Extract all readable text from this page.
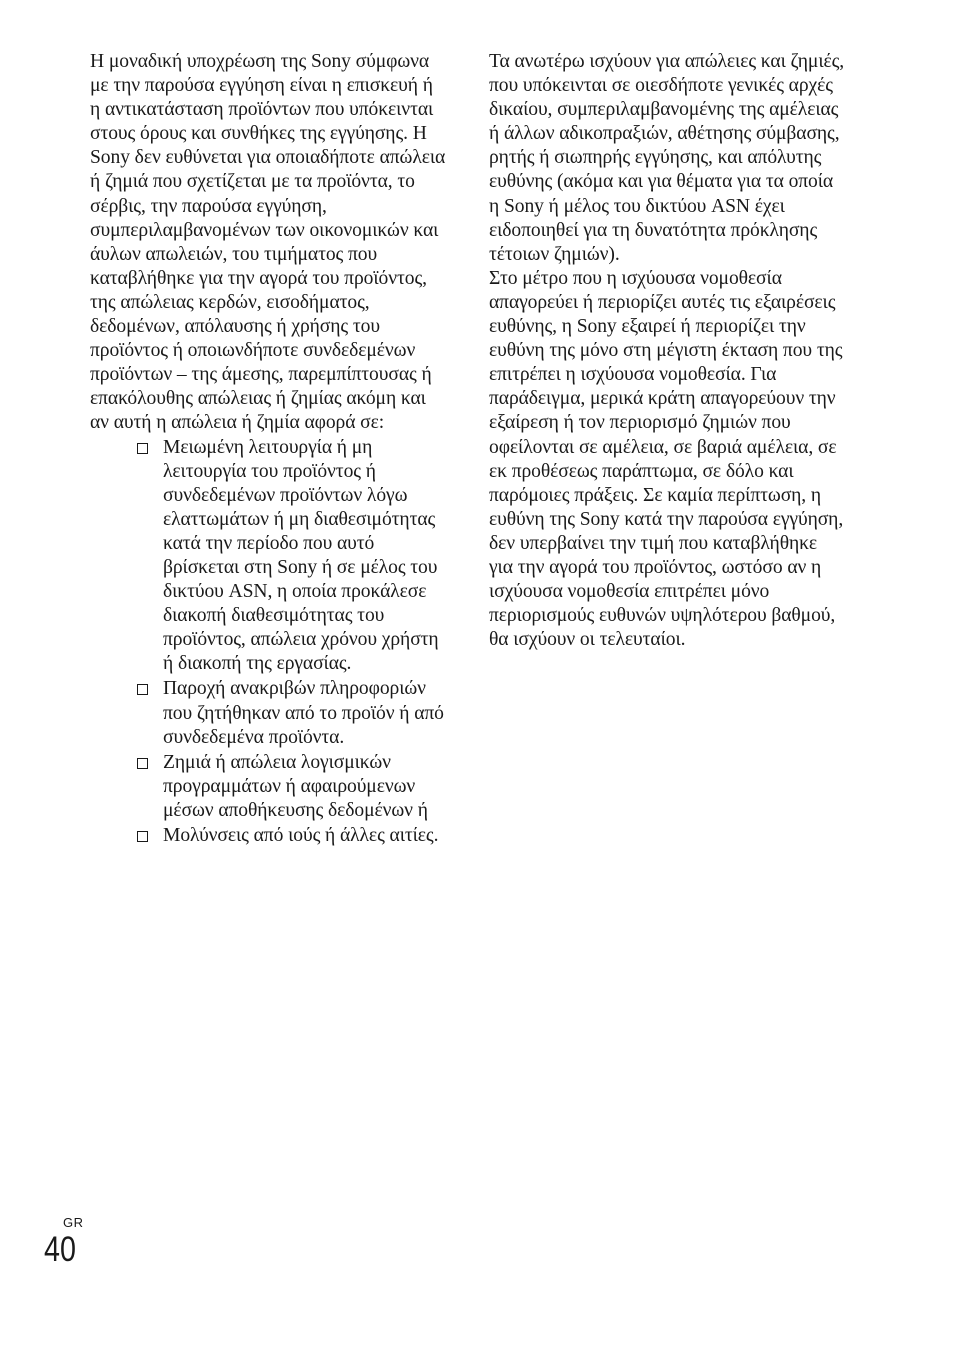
Η μοναδική υποχρέωση της Sony σύμφωνα με την παρούσα εγγύηση είναι η επισκευή ή η αντικατάσταση προϊόντων που υπόκεινται στους όρους και συνθήκες της εγγύησης. Η Sony δεν ευθύνεται για οποιαδήποτε απώλεια ή ζημιά που σχετίζεται με τα προϊόντα, το σέρβις, την παρούσα εγγύηση, συμπεριλαμβανομένων των οικονομικών και άυλων απωλειών, του τιμήματος που καταβλήθηκε για την αγορά του προϊόντος, της απώλειας κερδών, εισοδήματος, δεδομένων, απόλαυσης ή χρήσης του προϊόντος ή οποιωνδήποτε συνδεδεμένων προϊόντων – της άμεσης, παρεμπίπτουσας ή επακόλουθης απώλειας ή ζημίας ακόμη και αν αυτή η απώλεια ή ζημία αφορά σε:

Μειωμένη λειτουργία ή μη λειτουργία του προϊόντος ή συνδεδεμένων προϊόντων λόγω ελαττωμάτων ή μη διαθεσιμότητας κατά την περίοδο που αυτό βρίσκεται στη Sony ή σε μέλος του δικτύου ASN, η οποία προκάλεσε διακοπή διαθεσιμότητας του προϊόντος, απώλεια χρόνου χρήστη ή διακοπή της εργασίας.
Παροχή ανακριβών πληροφοριών που ζητήθηκαν από το προϊόν ή από συνδεδεμένα προϊόντα.
Ζημιά ή απώλεια λογισμικών προγραμμάτων ή αφαιρούμενων μέσων αποθήκευσης δεδομένων ή
Μολύνσεις από ιούς ή άλλες αιτίες.

Τα ανωτέρω ισχύουν για απώλειες και ζημιές, που υπόκεινται σε οιεσδήποτε γενικές αρχές δικαίου, συμπεριλαμβανομένης της αμέλειας ή άλλων αδικοπραξιών, αθέτησης σύμβασης, ρητής ή σιωπηρής εγγύησης, και απόλυτης ευθύνης (ακόμα και για θέματα για τα οποία η Sony ή μέλος του δικτύου ASN έχει ειδοποιηθεί για τη δυνατότητα πρόκλησης τέτοιων ζημιών).

Στο μέτρο που η ισχύουσα νομοθεσία απαγορεύει ή περιορίζει αυτές τις εξαιρέσεις ευθύνης, η Sony εξαιρεί ή περιορίζει την ευθύνη της μόνο στη μέγιστη έκταση που της επιτρέπει η ισχύουσα νομοθεσία. Για παράδειγμα, μερικά κράτη απαγορεύουν την εξαίρεση ή τον περιορισμό ζημιών που οφείλονται σε αμέλεια, σε βαριά αμέλεια, σε εκ προθέσεως παράπτωμα, σε δόλο και παρόμοιες πράξεις. Σε καμία περίπτωση, η ευθύνη της Sony κατά την παρούσα εγγύηση, δεν υπερβαίνει την τιμή που καταβλήθηκε για την αγορά του προϊόντος, ωστόσο αν η ισχύουσα νομοθεσία επιτρέπει μόνο περιορισμούς ευθυνών υψηλότερου βαθμού, θα ισχύουν οι τελευταίοι.

GR
40
